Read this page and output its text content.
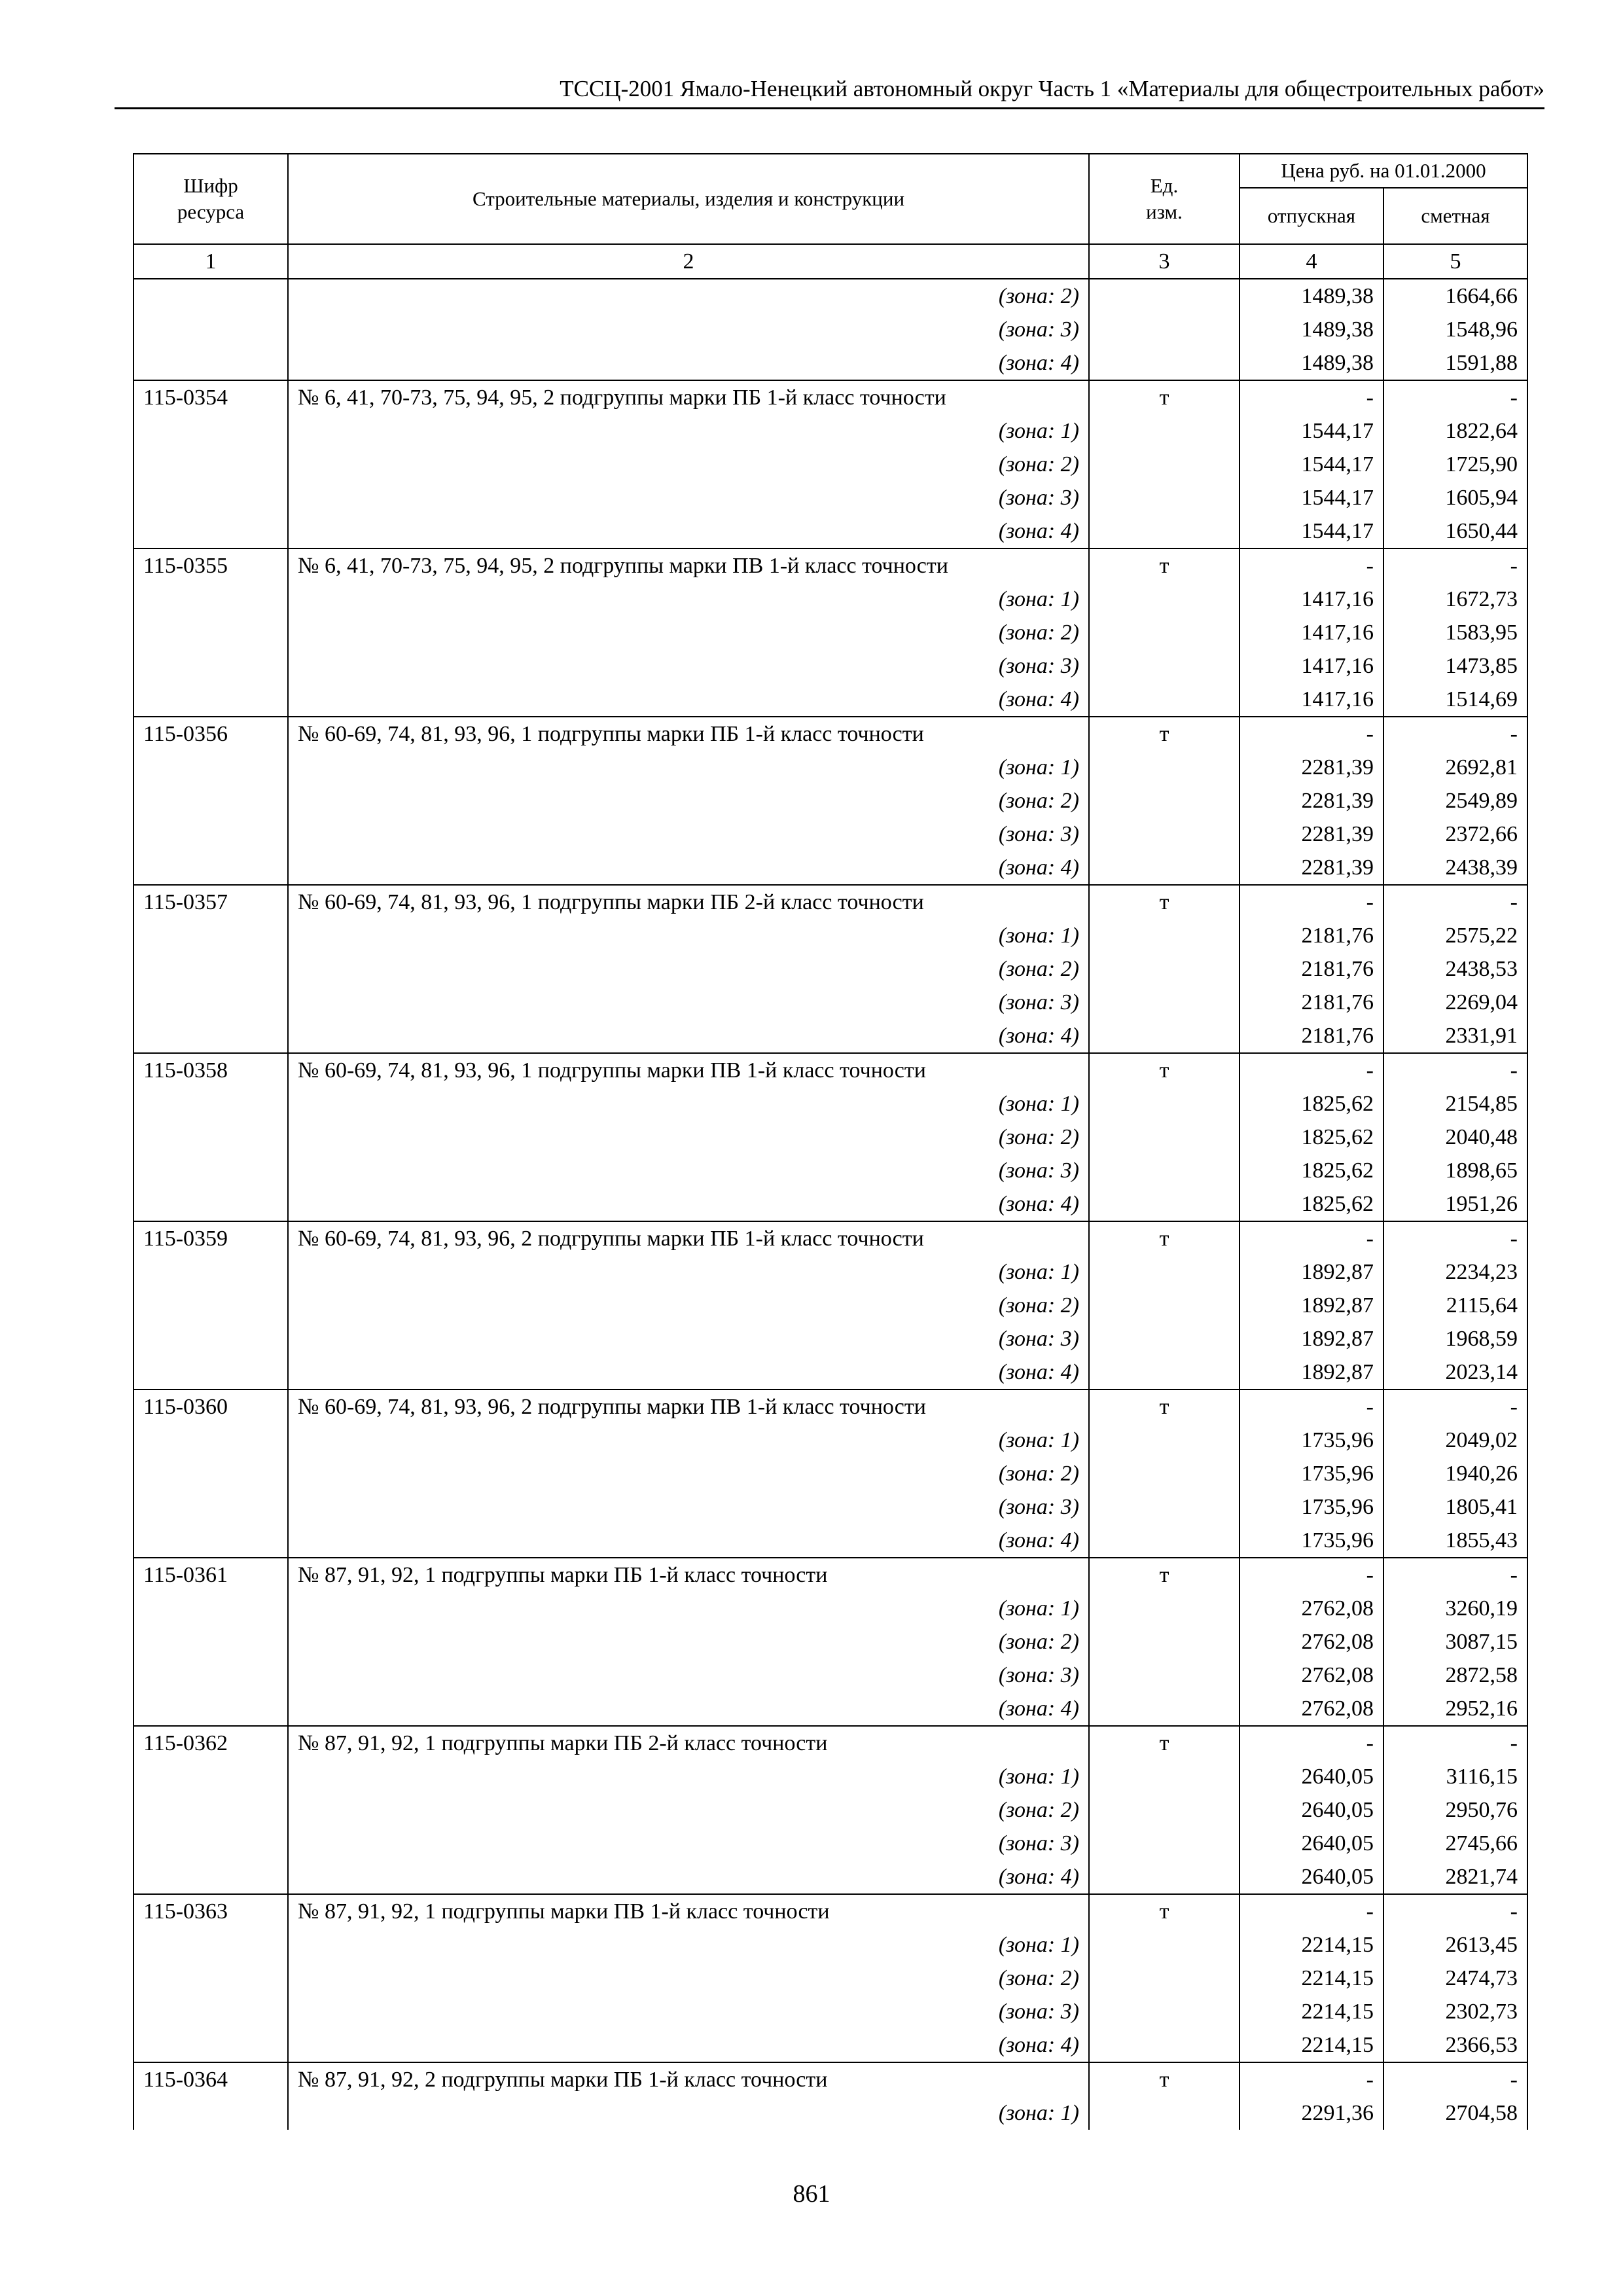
ТССЦ-2001 Ямало-Ненецкий автономный округ Часть 1 «Материалы для общестроительных работ»
Шифр
ресурса	Строительные материалы, изделия и конструкции	Ед.
изм.	Цена руб. на 01.01.2000	
			отпускная	сметная
1	2	3	4	5
	(зона: 2)		1489,38	1664,66
	(зона: 3)		1489,38	1548,96
	(зона: 4)		1489,38	1591,88
115-0354	№ 6, 41, 70-73, 75, 94, 95, 2 подгруппы марки ПБ 1-й класс точности	т	-	-
	(зона: 1)		1544,17	1822,64
	(зона: 2)		1544,17	1725,90
	(зона: 3)		1544,17	1605,94
	(зона: 4)		1544,17	1650,44
115-0355	№ 6, 41, 70-73, 75, 94, 95, 2 подгруппы марки ПВ 1-й класс точности	т	-	-
	(зона: 1)		1417,16	1672,73
	(зона: 2)		1417,16	1583,95
	(зона: 3)		1417,16	1473,85
	(зона: 4)		1417,16	1514,69
115-0356	№ 60-69, 74, 81, 93, 96, 1 подгруппы марки ПБ 1-й класс точности	т	-	-
	(зона: 1)		2281,39	2692,81
	(зона: 2)		2281,39	2549,89
	(зона: 3)		2281,39	2372,66
	(зона: 4)		2281,39	2438,39
115-0357	№ 60-69, 74, 81, 93, 96, 1 подгруппы марки ПБ 2-й класс точности	т	-	-
	(зона: 1)		2181,76	2575,22
	(зона: 2)		2181,76	2438,53
	(зона: 3)		2181,76	2269,04
	(зона: 4)		2181,76	2331,91
115-0358	№ 60-69, 74, 81, 93, 96, 1 подгруппы марки ПВ 1-й класс точности	т	-	-
	(зона: 1)		1825,62	2154,85
	(зона: 2)		1825,62	2040,48
	(зона: 3)		1825,62	1898,65
	(зона: 4)		1825,62	1951,26
115-0359	№ 60-69, 74, 81, 93, 96, 2 подгруппы марки ПБ 1-й класс точности	т	-	-
	(зона: 1)		1892,87	2234,23
	(зона: 2)		1892,87	2115,64
	(зона: 3)		1892,87	1968,59
	(зона: 4)		1892,87	2023,14
115-0360	№ 60-69, 74, 81, 93, 96, 2 подгруппы марки ПВ 1-й класс точности	т	-	-
	(зона: 1)		1735,96	2049,02
	(зона: 2)		1735,96	1940,26
	(зона: 3)		1735,96	1805,41
	(зона: 4)		1735,96	1855,43
115-0361	№ 87, 91, 92, 1 подгруппы марки ПБ 1-й класс точности	т	-	-
	(зона: 1)		2762,08	3260,19
	(зона: 2)		2762,08	3087,15
	(зона: 3)		2762,08	2872,58
	(зона: 4)		2762,08	2952,16
115-0362	№ 87, 91, 92, 1 подгруппы марки ПБ 2-й класс точности	т	-	-
	(зона: 1)		2640,05	3116,15
	(зона: 2)		2640,05	2950,76
	(зона: 3)		2640,05	2745,66
	(зона: 4)		2640,05	2821,74
115-0363	№ 87, 91, 92, 1 подгруппы марки ПВ 1-й класс точности	т	-	-
	(зона: 1)		2214,15	2613,45
	(зона: 2)		2214,15	2474,73
	(зона: 3)		2214,15	2302,73
	(зона: 4)		2214,15	2366,53
115-0364	№ 87, 91, 92, 2 подгруппы марки ПБ 1-й класс точности	т	-	-
	(зона: 1)		2291,36	2704,58
861
